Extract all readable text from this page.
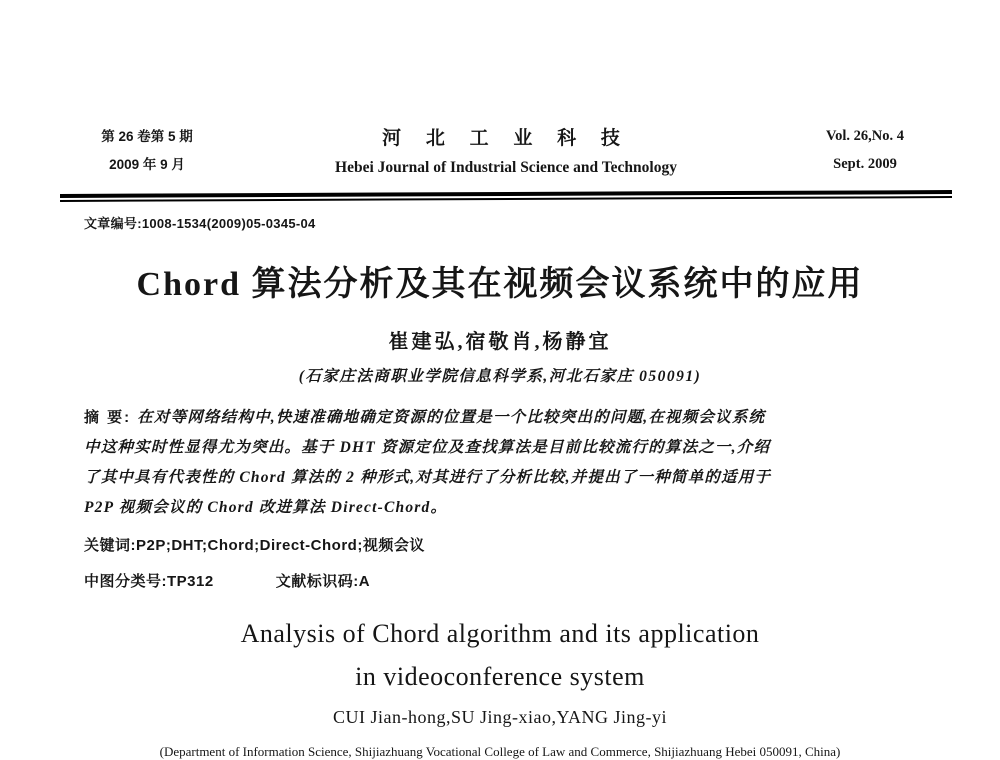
第 26 卷第 5 期
2009 年 9 月
河 北 工 业 科 技
Hebei Journal of Industrial Science and Technology
Vol. 26,No. 4
Sept. 2009
文章编号:1008-1534(2009)05-0345-04
Chord 算法分析及其在视频会议系统中的应用
崔建弘,宿敬肖,杨静宜
(石家庄法商职业学院信息科学系,河北石家庄 050091)

摘 要: 在对等网络结构中,快速准确地确定资源的位置是一个比较突出的问题,在视频会议系统

中这种实时性显得尤为突出。基于 DHT 资源定位及查找算法是目前比较流行的算法之一,介绍

了其中具有代表性的 Chord 算法的 2 种形式,对其进行了分析比较,并提出了一种简单的适用于

P2P 视频会议的 Chord 改进算法 Direct-Chord。

关键词:P2P;DHT;Chord;Direct-Chord;视频会议
中图分类号:TP312	文献标识码:A
Analysis of Chord algorithm and its application
in videoconference system
CUI Jian-hong,SU Jing-xiao,YANG Jing-yi
(Department of Information Science, Shijiazhuang Vocational College of Law and Commerce, Shijiazhuang Hebei 050091, China)
